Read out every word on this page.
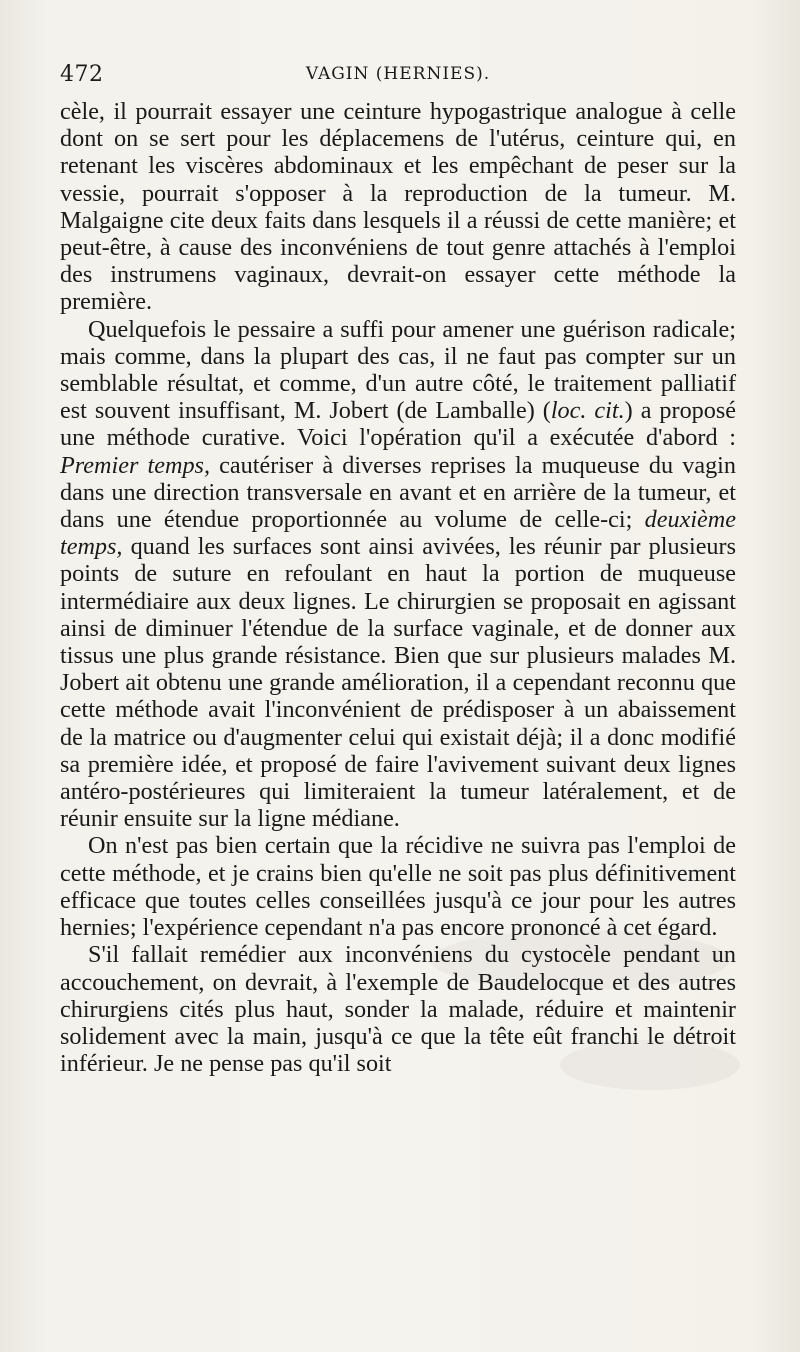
472	VAGIN (HERNIES).

cèle, il pourrait essayer une ceinture hypogastrique analogue à celle dont on se sert pour les déplacemens de l'utérus, ceinture qui, en retenant les viscères abdominaux et les empêchant de peser sur la vessie, pourrait s'opposer à la reproduction de la tumeur. M. Malgaigne cite deux faits dans lesquels il a réussi de cette manière; et peut-être, à cause des inconvéniens de tout genre attachés à l'emploi des instrumens vaginaux, devrait-on essayer cette méthode la première.

Quelquefois le pessaire a suffi pour amener une guérison radicale; mais comme, dans la plupart des cas, il ne faut pas compter sur un semblable résultat, et comme, d'un autre côté, le traitement palliatif est souvent insuffisant, M. Jobert (de Lamballe) (loc. cit.) a proposé une méthode curative. Voici l'opération qu'il a exécutée d'abord : Premier temps, cautériser à diverses reprises la muqueuse du vagin dans une direction transversale en avant et en arrière de la tumeur, et dans une étendue proportionnée au volume de celle-ci; deuxième temps, quand les surfaces sont ainsi avivées, les réunir par plusieurs points de suture en refoulant en haut la portion de muqueuse intermédiaire aux deux lignes. Le chirurgien se proposait en agissant ainsi de diminuer l'étendue de la surface vaginale, et de donner aux tissus une plus grande résistance. Bien que sur plusieurs malades M. Jobert ait obtenu une grande amélioration, il a cependant reconnu que cette méthode avait l'inconvénient de prédisposer à un abaissement de la matrice ou d'augmenter celui qui existait déjà; il a donc modifié sa première idée, et proposé de faire l'avivement suivant deux lignes antéro-postérieures qui limiteraient la tumeur latéralement, et de réunir ensuite sur la ligne médiane.

On n'est pas bien certain que la récidive ne suivra pas l'emploi de cette méthode, et je crains bien qu'elle ne soit pas plus définitivement efficace que toutes celles conseillées jusqu'à ce jour pour les autres hernies; l'expérience cependant n'a pas encore prononcé à cet égard.

S'il fallait remédier aux inconvéniens du cystocèle pendant un accouchement, on devrait, à l'exemple de Baudelocque et des autres chirurgiens cités plus haut, sonder la malade, réduire et maintenir solidement avec la main, jusqu'à ce que la tête eût franchi le détroit inférieur. Je ne pense pas qu'il soit
